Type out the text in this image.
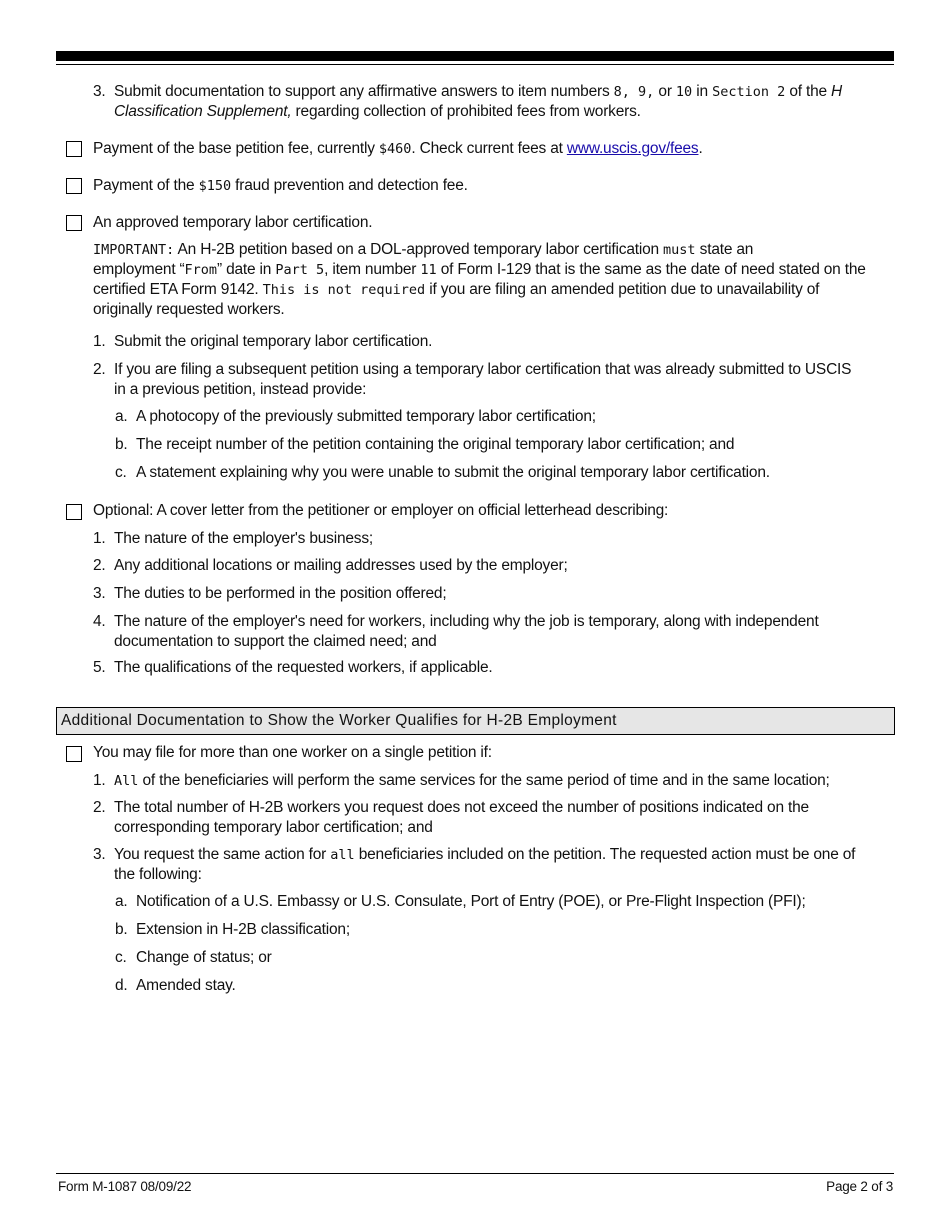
3. Submit documentation to support any affirmative answers to item numbers 8, 9, or 10 in Section 2 of the H
Classification Supplement, regarding collection of prohibited fees from workers.
Payment of the base petition fee, currently $460. Check current fees at www.uscis.gov/fees.
Payment of the $150 fraud prevention and detection fee.
An approved temporary labor certification.
IMPORTANT: An H-2B petition based on a DOL-approved temporary labor certification must state an
employment “From” date in Part 5, item number 11 of Form I-129 that is the same as the date of need stated on the
certified ETA Form 9142. This is not required if you are filing an amended petition due to unavailability of
originally requested workers.
1. Submit the original temporary labor certification.
2. If you are filing a subsequent petition using a temporary labor certification that was already submitted to USCIS
in a previous petition, instead provide:
a. A photocopy of the previously submitted temporary labor certification;
b. The receipt number of the petition containing the original temporary labor certification; and
c. A statement explaining why you were unable to submit the original temporary labor certification.
Optional: A cover letter from the petitioner or employer on official letterhead describing:
1. The nature of the employer's business;
2. Any additional locations or mailing addresses used by the employer;
3. The duties to be performed in the position offered;
4. The nature of the employer's need for workers, including why the job is temporary, along with independent
documentation to support the claimed need; and
5. The qualifications of the requested workers, if applicable.
Additional Documentation to Show the Worker Qualifies for H-2B Employment
You may file for more than one worker on a single petition if:
1. All of the beneficiaries will perform the same services for the same period of time and in the same location;
2. The total number of H-2B workers you request does not exceed the number of positions indicated on the
corresponding temporary labor certification; and
3. You request the same action for all beneficiaries included on the petition. The requested action must be one of
the following:
a. Notification of a U.S. Embassy or U.S. Consulate, Port of Entry (POE), or Pre-Flight Inspection (PFI);
b. Extension in H-2B classification;
c. Change of status; or
d. Amended stay.
Form M-1087 08/09/22	Page 2 of 3
